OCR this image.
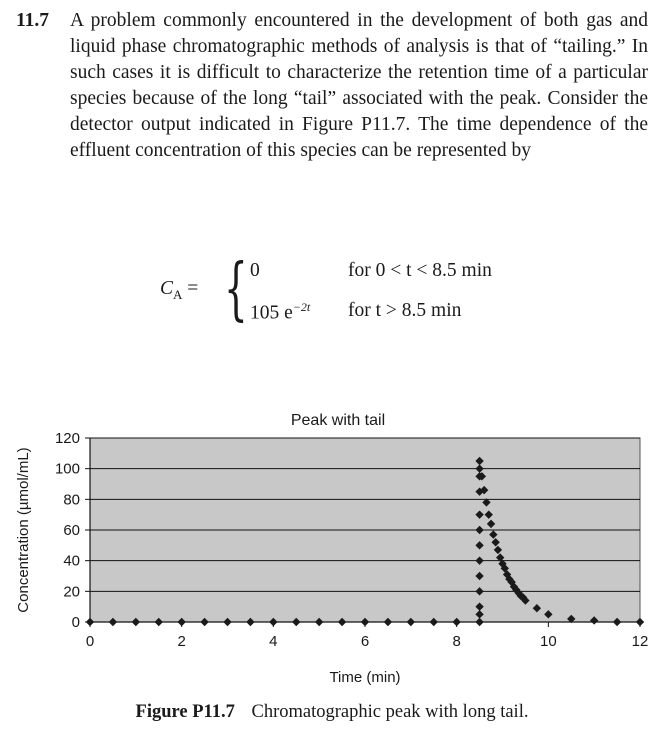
11.7 A problem commonly encountered in the development of both gas and liquid phase chromatographic methods of analysis is that of “tailing.” In such cases it is difficult to characterize the retention time of a particular species because of the long “tail” associated with the peak. Consider the detector output indicated in Figure P11.7. The time dependence of the effluent concentration of this species can be represented by
$C_A$ = { 0	for 0 < t < 8.5 min
105 $e^{-2t}$ for t > 8.5 min
Peak with tail
0	2	4	6	8	10	12
0
20
40
60
80
100
120
Time (min)
Concentration (µmol/mL)
Figure P11.7 Chromatographic peak with long tail.
